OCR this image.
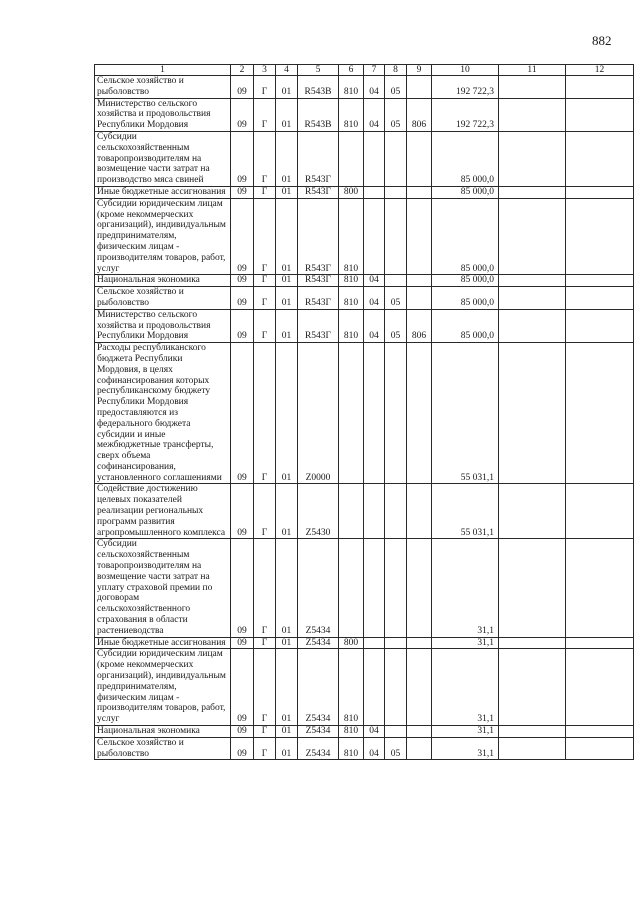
882
1	2	3	4	5	6	7	8	9	10	11	12
Сельское хозяйство и рыболовство	09	Г	01	R543B	810	04	05		192 722,3		
Министерство сельского хозяйства и продовольствия Республики Мордовия	09	Г	01	R543B	810	04	05	806	192 722,3		
Субсидии сельскохозяйственным товаропроизводителям на возмещение части затрат на производство мяса свиней	09	Г	01	R543Г					85 000,0		
Иные бюджетные ассигнования	09	Г	01	R543Г	800				85 000,0		
Субсидии юридическим лицам (кроме некоммерческих организаций), индивидуальным предпринимателям, физическим лицам - производителям товаров, работ, услуг	09	Г	01	R543Г	810				85 000,0		
Национальная экономика	09	Г	01	R543Г	810	04			85 000,0		
Сельское хозяйство и рыболовство	09	Г	01	R543Г	810	04	05		85 000,0		
Министерство сельского хозяйства и продовольствия Республики Мордовия	09	Г	01	R543Г	810	04	05	806	85 000,0		
Расходы республиканского бюджета Республики Мордовия, в целях софинансирования которых республиканскому бюджету Республики Мордовия предоставляются из федерального бюджета субсидии и иные межбюджетные трансферты, сверх объема софинансирования, установленного соглашениями	09	Г	01	Z0000					55 031,1		
Содействие достижению целевых показателей реализации региональных программ развития агропромышленного комплекса	09	Г	01	Z5430					55 031,1		
Субсидии сельскохозяйственным товаропроизводителям на возмещение части затрат на уплату страховой премии по договорам сельскохозяйственного страхования в области растениеводства	09	Г	01	Z5434					31,1		
Иные бюджетные ассигнования	09	Г	01	Z5434	800				31,1		
Субсидии юридическим лицам (кроме некоммерческих организаций), индивидуальным предпринимателям, физическим лицам - производителям товаров, работ, услуг	09	Г	01	Z5434	810				31,1		
Национальная экономика	09	Г	01	Z5434	810	04			31,1		
Сельское хозяйство и рыболовство	09	Г	01	Z5434	810	04	05		31,1		
